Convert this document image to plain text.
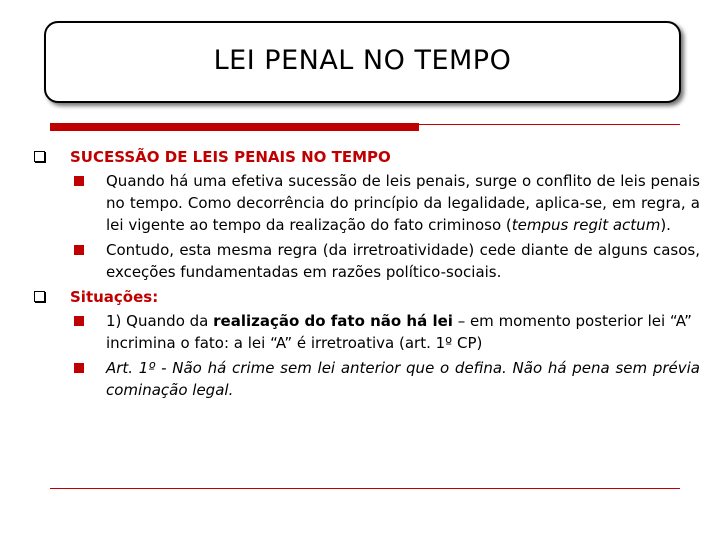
LEI PENAL NO TEMPO
SUCESSÃO DE LEIS PENAIS NO TEMPO
Quando há uma efetiva sucessão de leis penais, surge o conflito de leis penais no tempo. Como decorrência do princípio da legalidade, aplica-se, em regra, a lei vigente ao tempo da realização do fato criminoso (tempus regit actum).
Contudo, esta mesma regra (da irretroatividade) cede diante de alguns casos, exceções fundamentadas em razões político-sociais.
Situações:
1) Quando da realização do fato não há lei – em momento posterior lei “A” incrimina o fato: a lei “A” é irretroativa (art. 1º CP)
Art. 1º - Não há crime sem lei anterior que o defina. Não há pena sem prévia cominação legal.
